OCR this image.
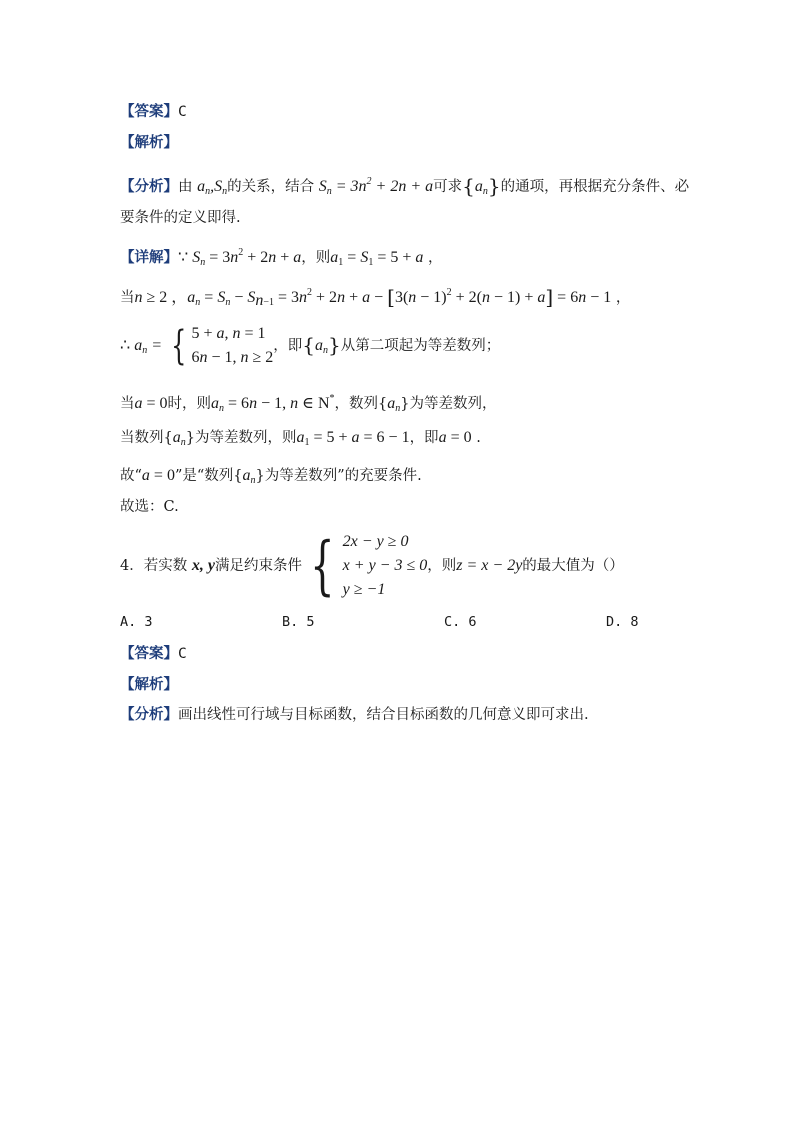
【答案】C
【解析】
【分析】由 $a_n,S_n$的关系，结合 $S_n = 3n^2 + 2n + a$可求$\{a_n\}$的通项，再根据充分条件、必
要条件的定义即得.
【详解】∵ $S_n = 3n^2 + 2n + a$，则$a_1 = S_1 = 5 + a$ ，
当n ≥ 2 ，$a_n = S_n - S_{n-1} = 3n^2 + 2n + a - [3(n - 1)^2 + 2(n - 1) + a] = 6n - 1$ ，
∴ $a_n$ = { 5 + a, n = 1
6n − 1, n ≥ 2
，即$\{a_n\}$从第二项起为等差数列；
当a = 0时，则$a_n = 6n - 1$, n ∈ N*，数列$\{a_n\}$为等差数列，
当数列$\{a_n\}$为等差数列，则$a_1 = 5 + a = 6 - 1$，即a = 0 .
故“a = 0”是“数列$\{a_n\}$为等差数列”的充要条件.
故选：C.
4．若实数 x, y满足约束条件 { 2x − y ≥ 0
x + y − 3 ≤ 0
y ≥ −1
，则z = x − 2y的最大值为（）
A. 3	B. 5	C. 6	D. 8
【答案】C
【解析】
【分析】画出线性可行域与目标函数，结合目标函数的几何意义即可求出.
